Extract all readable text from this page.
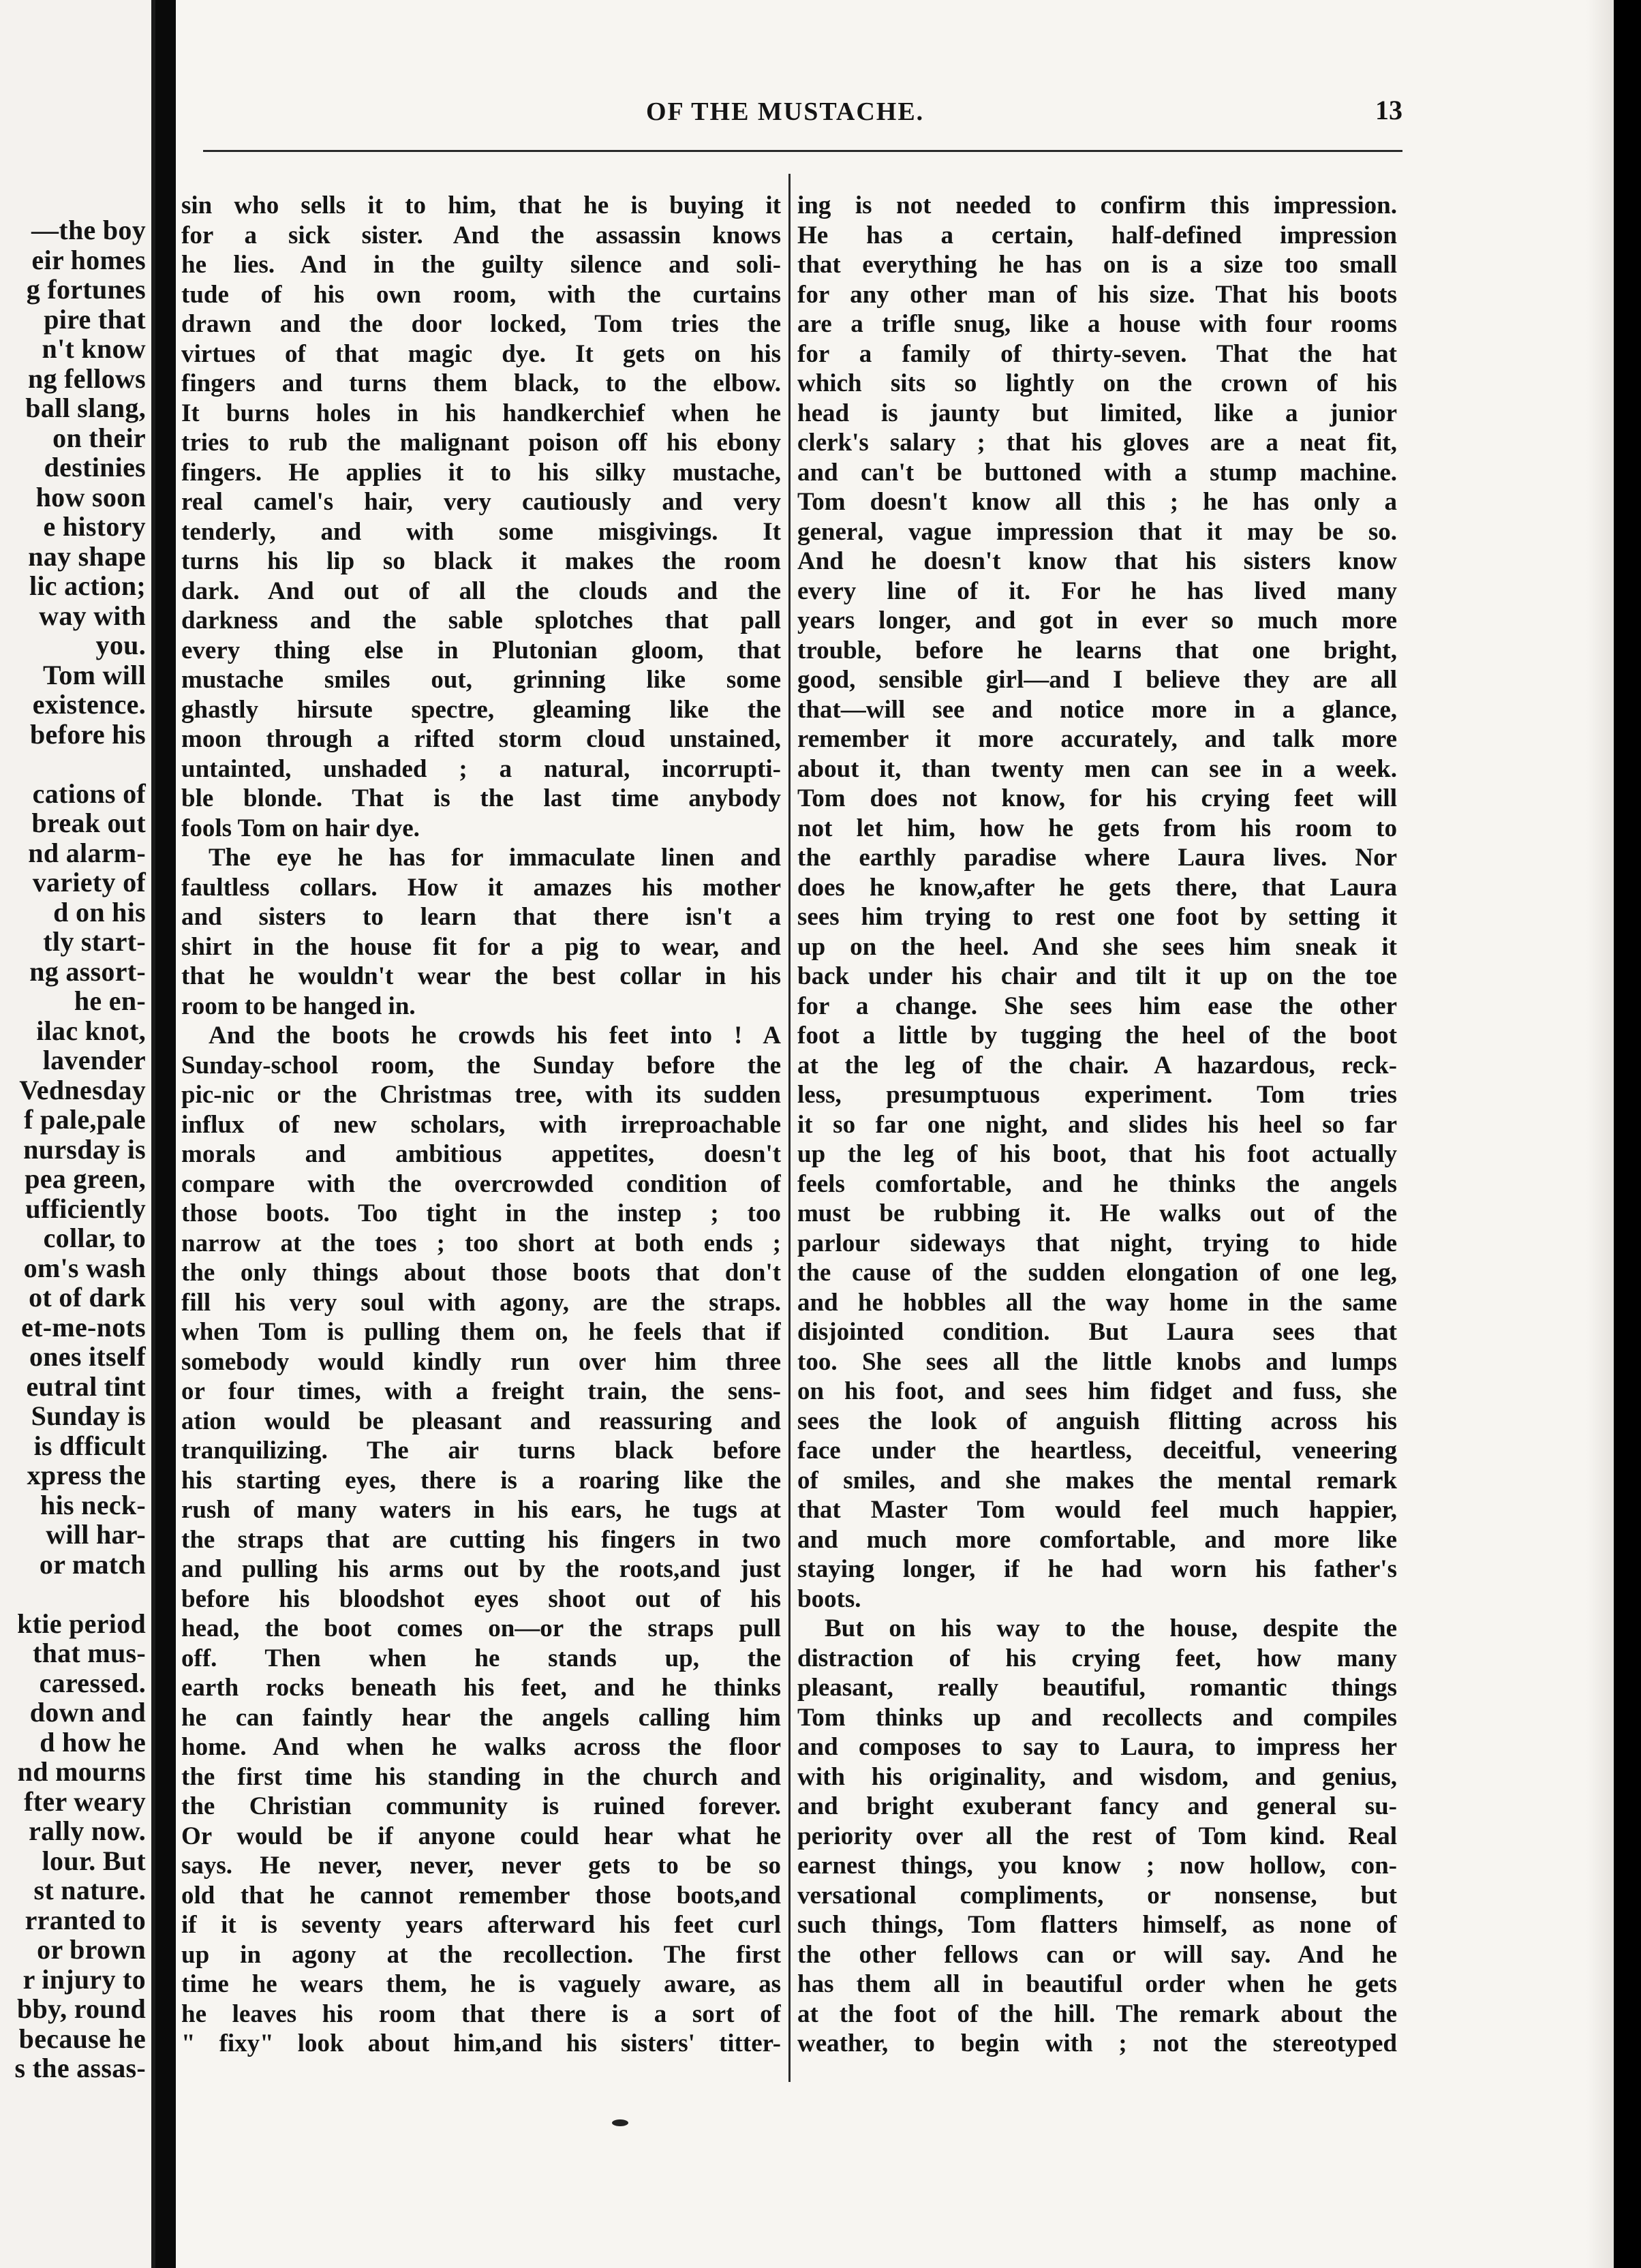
—the boy
eir homes
g fortunes
pire that
n't know
ng fellows
ball slang,
on their
destinies
how soon
e history
nay shape
lic action;
way with
you.
Tom will
existence.
before his
cations of
break out
nd alarm-
variety of
d on his
tly start-
ng assort-
he en-
ilac knot,
lavender
Vednesday
f pale,pale
nursday is
pea green,
ufficiently
collar, to
om's wash
ot of dark
et-me-nots
ones itself
eutral tint
Sunday is
is dfficult
xpress the
his neck-
will har-
or match
ktie period
that mus-
caressed.
down and
d how he
nd mourns
fter weary
rally now.
lour. But
st nature.
rranted to
or brown
r injury to
bby, round
because he
s the assas-
OF THE MUSTACHE.	13
sin who sells it to him, that he is buying it
for a sick sister. And the assassin knows
he lies. And in the guilty silence and soli-
tude of his own room, with the curtains
drawn and the door locked, Tom tries the
virtues of that magic dye. It gets on his
fingers and turns them black, to the elbow.
It burns holes in his handkerchief when he
tries to rub the malignant poison off his ebony
fingers. He applies it to his silky mustache,
real camel's hair, very cautiously and very
tenderly, and with some misgivings. It
turns his lip so black it makes the room
dark. And out of all the clouds and the
darkness and the sable splotches that pall
every thing else in Plutonian gloom, that
mustache smiles out, grinning like some
ghastly hirsute spectre, gleaming like the
moon through a rifted storm cloud unstained,
untainted, unshaded ; a natural, incorrupti-
ble blonde. That is the last time anybody
fools Tom on hair dye.
The eye he has for immaculate linen and
faultless collars. How it amazes his mother
and sisters to learn that there isn't a
shirt in the house fit for a pig to wear, and
that he wouldn't wear the best collar in his
room to be hanged in.
And the boots he crowds his feet into ! A
Sunday-school room, the Sunday before the
pic-nic or the Christmas tree, with its sudden
influx of new scholars, with irreproachable
morals and ambitious appetites, doesn't
compare with the overcrowded condition of
those boots. Too tight in the instep ; too
narrow at the toes ; too short at both ends ;
the only things about those boots that don't
fill his very soul with agony, are the straps.
when Tom is pulling them on, he feels that if
somebody would kindly run over him three
or four times, with a freight train, the sens-
ation would be pleasant and reassuring and
tranquilizing. The air turns black before
his starting eyes, there is a roaring like the
rush of many waters in his ears, he tugs at
the straps that are cutting his fingers in two
and pulling his arms out by the roots,and just
before his bloodshot eyes shoot out of his
head, the boot comes on—or the straps pull
off. Then when he stands up, the
earth rocks beneath his feet, and he thinks
he can faintly hear the angels calling him
home. And when he walks across the floor
the first time his standing in the church and
the Christian community is ruined forever.
Or would be if anyone could hear what he
says. He never, never, never gets to be so
old that he cannot remember those boots,and
if it is seventy years afterward his feet curl
up in agony at the recollection. The first
time he wears them, he is vaguely aware, as
he leaves his room that there is a sort of
" fixy" look about him,and his sisters' titter-
ing is not needed to confirm this impression.
He has a certain, half-defined impression
that everything he has on is a size too small
for any other man of his size. That his boots
are a trifle snug, like a house with four rooms
for a family of thirty-seven. That the hat
which sits so lightly on the crown of his
head is jaunty but limited, like a junior
clerk's salary ; that his gloves are a neat fit,
and can't be buttoned with a stump machine.
Tom doesn't know all this ; he has only a
general, vague impression that it may be so.
And he doesn't know that his sisters know
every line of it. For he has lived many
years longer, and got in ever so much more
trouble, before he learns that one bright,
good, sensible girl—and I believe they are all
that—will see and notice more in a glance,
remember it more accurately, and talk more
about it, than twenty men can see in a week.
Tom does not know, for his crying feet will
not let him, how he gets from his room to
the earthly paradise where Laura lives. Nor
does he know,after he gets there, that Laura
sees him trying to rest one foot by setting it
up on the heel. And she sees him sneak it
back under his chair and tilt it up on the toe
for a change. She sees him ease the other
foot a little by tugging the heel of the boot
at the leg of the chair. A hazardous, reck-
less, presumptuous experiment. Tom tries
it so far one night, and slides his heel so far
up the leg of his boot, that his foot actually
feels comfortable, and he thinks the angels
must be rubbing it. He walks out of the
parlour sideways that night, trying to hide
the cause of the sudden elongation of one leg,
and he hobbles all the way home in the same
disjointed condition. But Laura sees that
too. She sees all the little knobs and lumps
on his foot, and sees him fidget and fuss, she
sees the look of anguish flitting across his
face under the heartless, deceitful, veneering
of smiles, and she makes the mental remark
that Master Tom would feel much happier,
and much more comfortable, and more like
staying longer, if he had worn his father's
boots.
But on his way to the house, despite the
distraction of his crying feet, how many
pleasant, really beautiful, romantic things
Tom thinks up and recollects and compiles
and composes to say to Laura, to impress her
with his originality, and wisdom, and genius,
and bright exuberant fancy and general su-
periority over all the rest of Tom kind. Real
earnest things, you know ; now hollow, con-
versational compliments, or nonsense, but
such things, Tom flatters himself, as none of
the other fellows can or will say. And he
has them all in beautiful order when he gets
at the foot of the hill. The remark about the
weather, to begin with ; not the stereotyped
